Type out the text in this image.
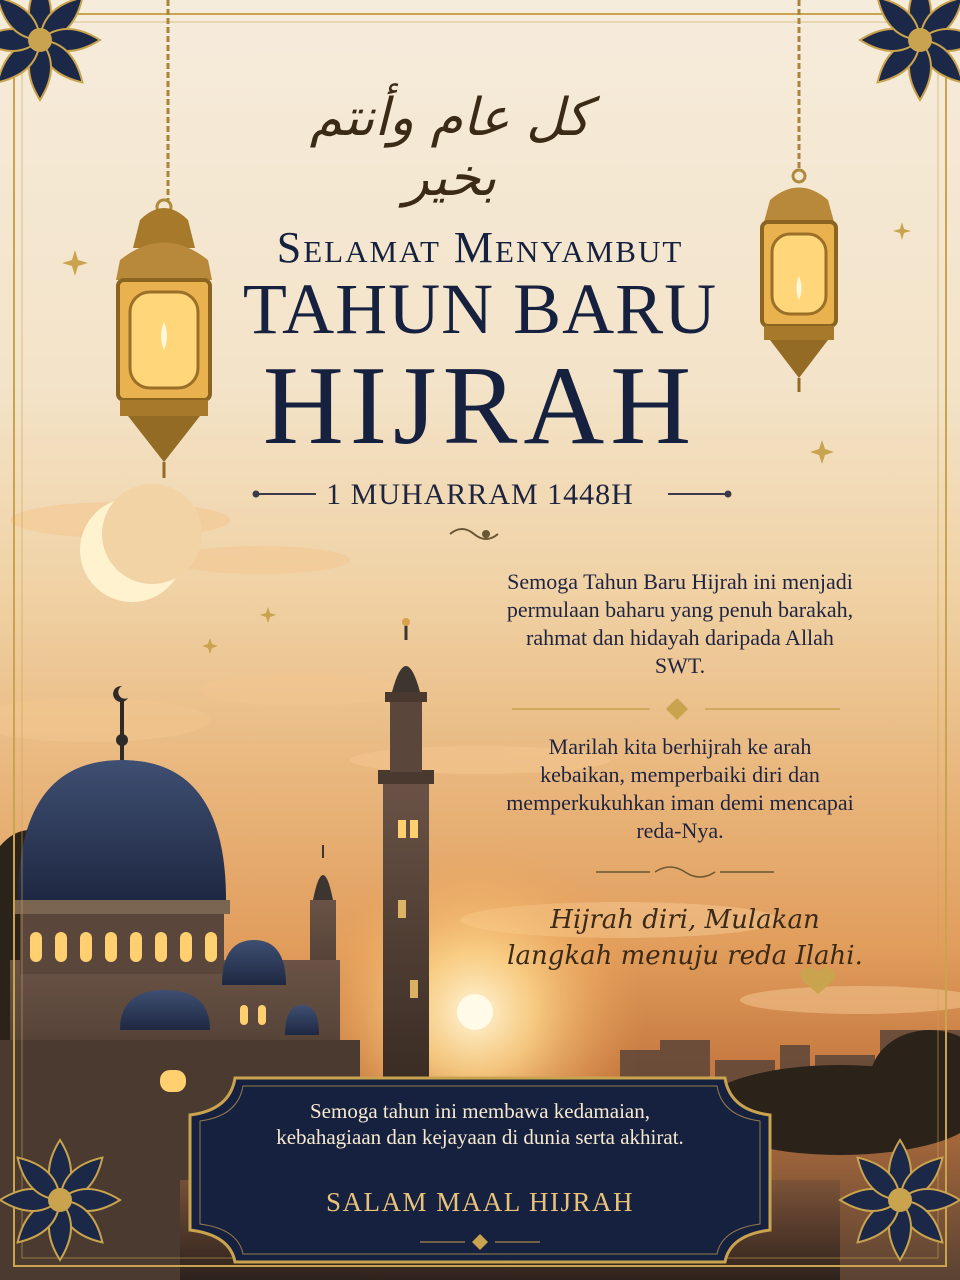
كل عام وأنتم بخير
Selamat Menyambut
TAHUN BARU
HIJRAH
1 MUHARRAM 1448H
Semoga Tahun Baru Hijrah ini menjadi permulaan baharu yang penuh barakah, rahmat dan hidayah daripada Allah SWT.
Marilah kita berhijrah ke arah kebaikan, memperbaiki diri dan memperkukuhkan iman demi mencapai reda-Nya.
Hijrah diri, Mulakan langkah menuju reda Ilahi.
Semoga tahun ini membawa kedamaian, kebahagiaan dan kejayaan di dunia serta akhirat.
SALAM MAAL HIJRAH
